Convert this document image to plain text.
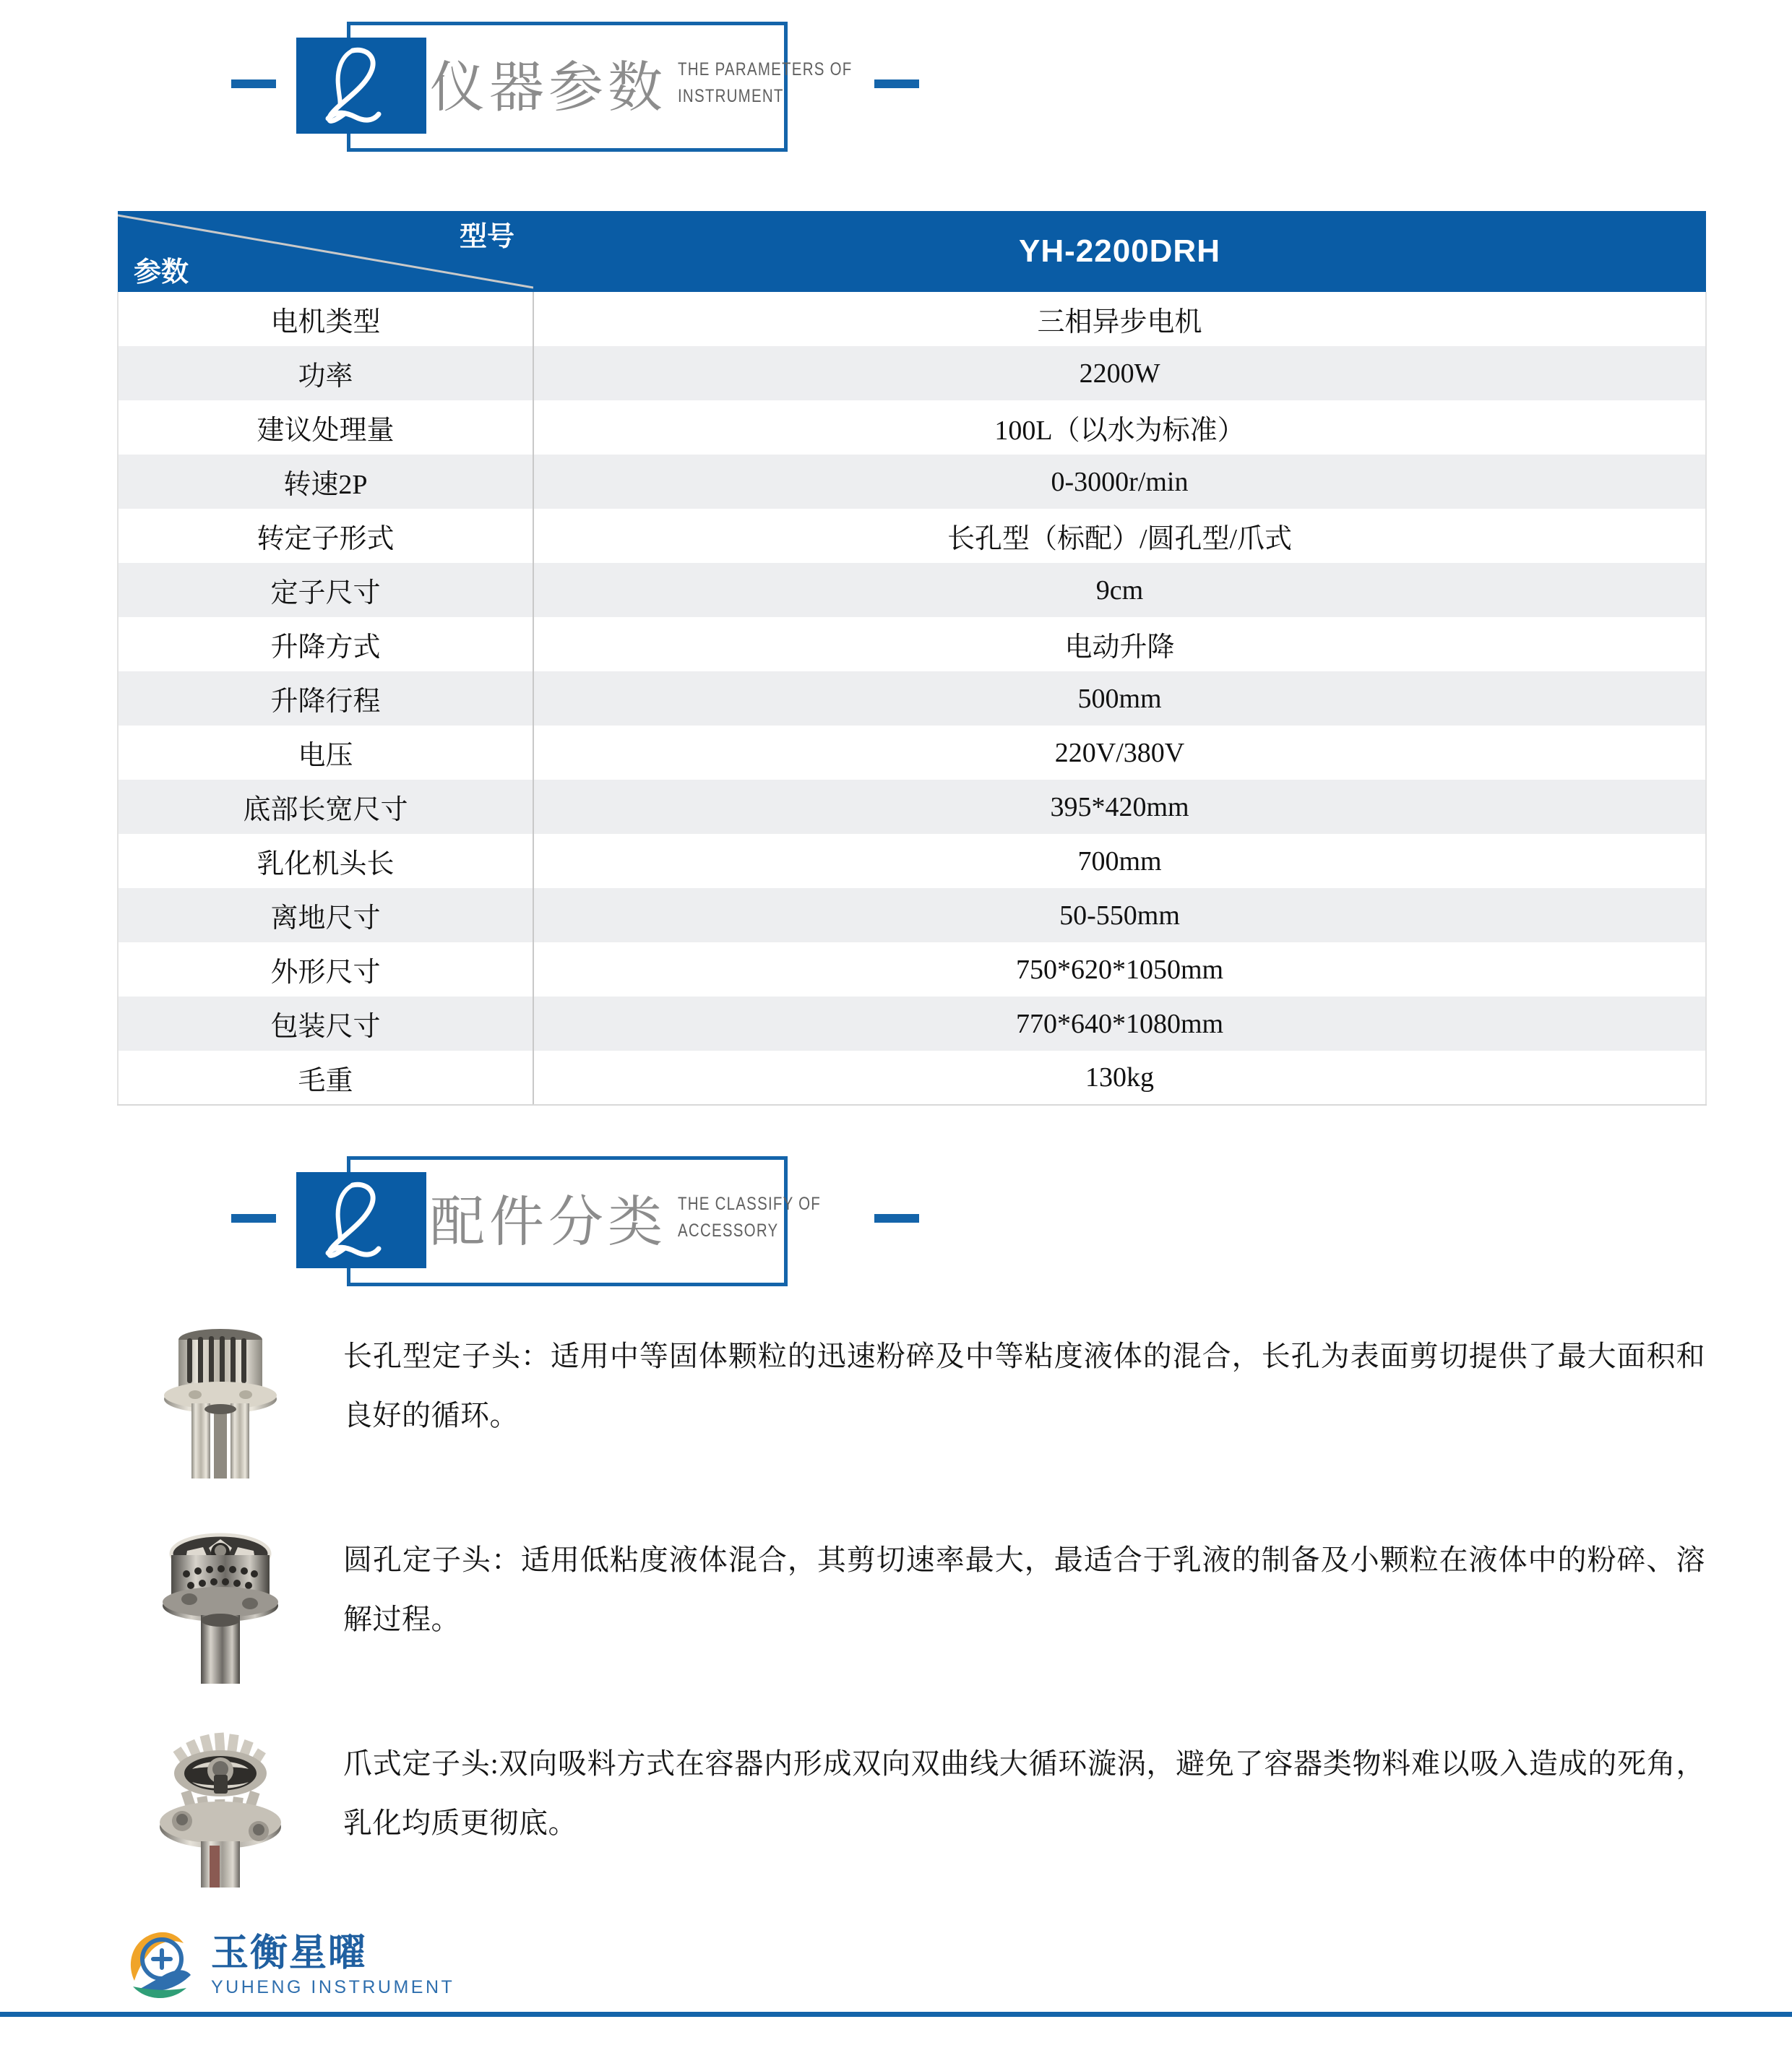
仪器参数 THE PARAMETERS OF
INSTRUMENT
型号
参数	YH-2200DRH
电机类型	三相异步电机
功率	2200W
建议处理量	100L（以水为标准）
转速2P	0-3000r/min
转定子形式	长孔型（标配）/圆孔型/爪式
定子尺寸	9cm
升降方式	电动升降
升降行程	500mm
电压	220V/380V
底部长宽尺寸	395*420mm
乳化机头长	700mm
离地尺寸	50-550mm
外形尺寸	750*620*1050mm
包装尺寸	770*640*1080mm
毛重	130kg
配件分类 THE CLASSIFY OF
ACCESSORY
长孔型定子头：适用中等固体颗粒的迅速粉碎及中等粘度液体的混合，长孔为表面剪切提供了最大面积和良好的循环。
圆孔定子头：适用低粘度液体混合，其剪切速率最大，最适合于乳液的制备及小颗粒在液体中的粉碎、溶解过程。
爪式定子头:双向吸料方式在容器内形成双向双曲线大循环漩涡，避免了容器类物料难以吸入造成的死角，乳化均质更彻底。
玉衡星曜
YUHENG INSTRUMENT
